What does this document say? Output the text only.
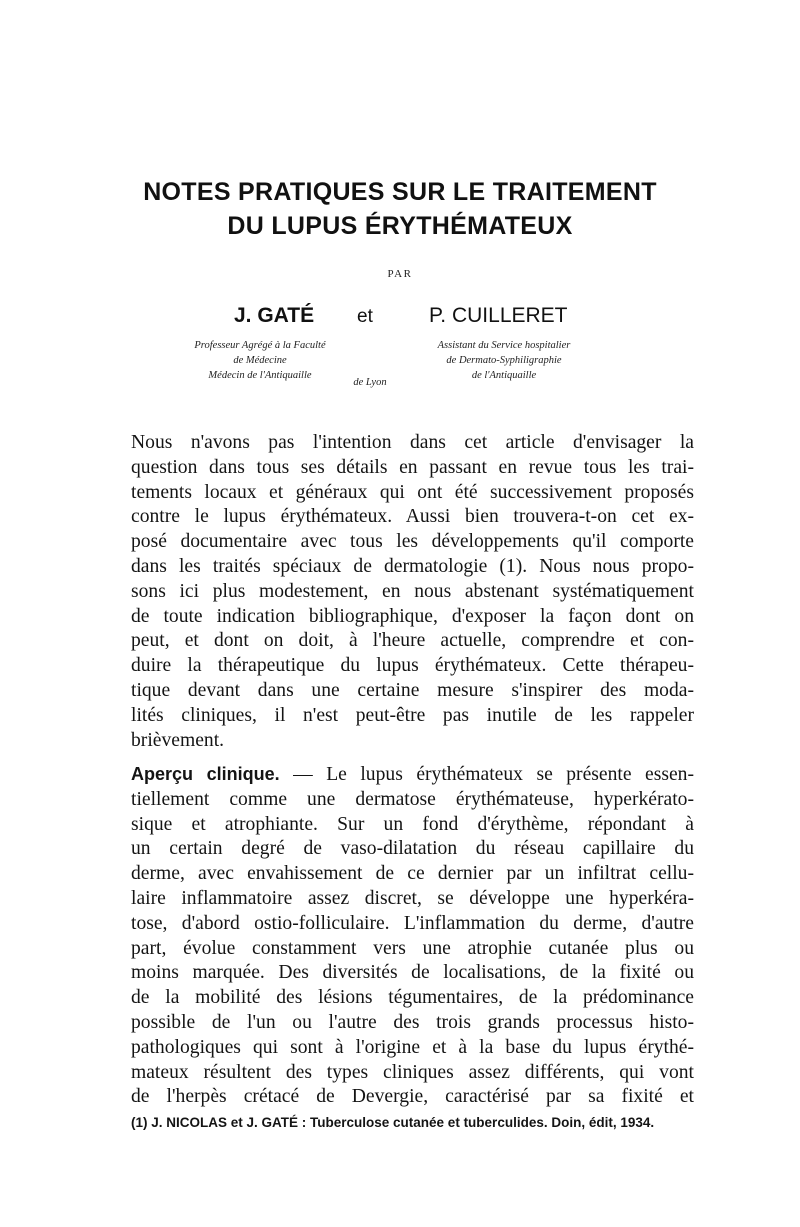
NOTES PRATIQUES SUR LE TRAITEMENT
DU LUPUS ÉRYTHÉMATEUX
PAR
J. GATÉ et	P. CUILLERET
Professeur Agrégé à la Faculté
de Médecine
Médecin de l'Antiquaille
Assistant du Service hospitalier
de Dermato-Syphiligraphie
de l'Antiquaille
de Lyon
Nous n'avons pas l'intention dans cet article d'envisager la
question dans tous ses détails en passant en revue tous les trai-
tements locaux et généraux qui ont été successivement proposés
contre le lupus érythémateux. Aussi bien trouvera-t-on cet ex-
posé documentaire avec tous les développements qu'il comporte
dans les traités spéciaux de dermatologie (1). Nous nous propo-
sons ici plus modestement, en nous abstenant systématiquement
de toute indication bibliographique, d'exposer la façon dont on
peut, et dont on doit, à l'heure actuelle, comprendre et con-
duire la thérapeutique du lupus érythémateux. Cette thérapeu-
tique devant dans une certaine mesure s'inspirer des moda-
lités cliniques, il n'est peut-être pas inutile de les rappeler
brièvement.
Aperçu clinique. — Le lupus érythémateux se présente essen-
tiellement comme une dermatose érythémateuse, hyperkérato-
sique et atrophiante. Sur un fond d'érythème, répondant à
un certain degré de vaso-dilatation du réseau capillaire du
derme, avec envahissement de ce dernier par un infiltrat cellu-
laire inflammatoire assez discret, se développe une hyperkéra-
tose, d'abord ostio-folliculaire. L'inflammation du derme, d'autre
part, évolue constamment vers une atrophie cutanée plus ou
moins marquée. Des diversités de localisations, de la fixité ou
de la mobilité des lésions tégumentaires, de la prédominance
possible de l'un ou l'autre des trois grands processus histo-
pathologiques qui sont à l'origine et à la base du lupus érythé-
mateux résultent des types cliniques assez différents, qui vont
de l'herpès crétacé de Devergie, caractérisé par sa fixité et
(1) J. NICOLAS et J. GATÉ : Tuberculose cutanée et tuberculides. Doin, édit, 1934.
